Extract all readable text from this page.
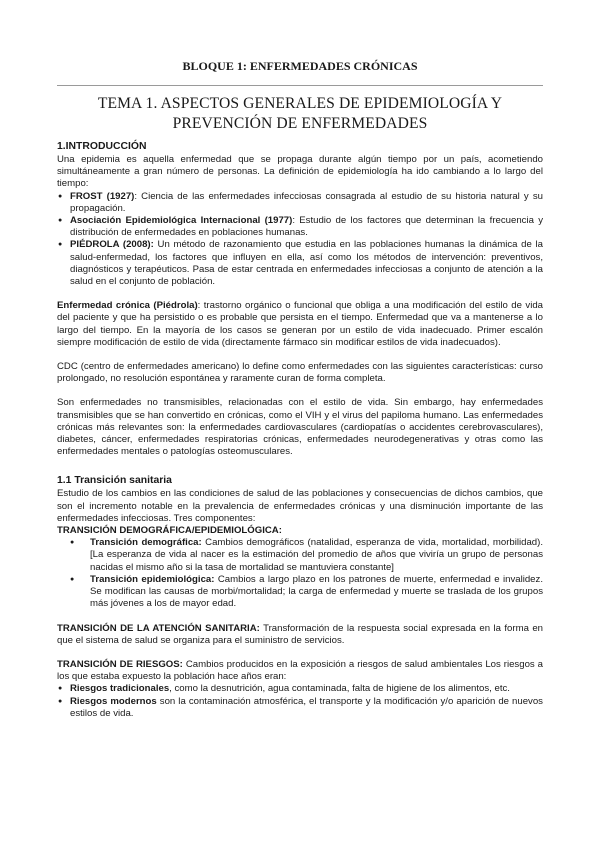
BLOQUE 1: ENFERMEDADES CRÓNICAS
TEMA 1. ASPECTOS GENERALES DE EPIDEMIOLOGÍA Y
PREVENCIÓN DE ENFERMEDADES
1.INTRODUCCIÓN

Una epidemia es aquella enfermedad que se propaga durante algún tiempo por un país, acometiendo simultáneamente a gran número de personas. La definición de epidemiología ha ido cambiando a lo largo del tiempo:

● FROST (1927): Ciencia de las enfermedades infecciosas consagrada al estudio de su historia natural y su propagación.
● Asociación Epidemiológica Internacional (1977): Estudio de los factores que determinan la frecuencia y distribución de enfermedades en poblaciones humanas.
● PIÉDROLA (2008): Un método de razonamiento que estudia en las poblaciones humanas la dinámica de la salud-enfermedad, los factores que influyen en ella, así como los métodos de intervención: preventivos, diagnósticos y terapéuticos. Pasa de estar centrada en enfermedades infecciosas a conjunto de atención a la salud en el conjunto de población.

Enfermedad crónica (Piédrola): trastorno orgánico o funcional que obliga a una modificación del estilo de vida del paciente y que ha persistido o es probable que persista en el tiempo. Enfermedad que va a mantenerse a lo largo del tiempo. En la mayoría de los casos se generan por un estilo de vida inadecuado. Primer escalón siempre modificación de estilo de vida (directamente fármaco sin modificar estilos de vida inadecuados).

CDC (centro de enfermedades americano) lo define como enfermedades con las siguientes características: curso prolongado, no resolución espontánea y raramente curan de forma completa.

Son enfermedades no transmisibles, relacionadas con el estilo de vida. Sin embargo, hay enfermedades transmisibles que se han convertido en crónicas, como el VIH y el virus del papiloma humano. Las enfermedades crónicas más relevantes son: la enfermedades cardiovasculares (cardiopatías o accidentes cerebrovasculares), diabetes, cáncer, enfermedades respiratorias crónicas, enfermedades neurodegenerativas y otras como las enfermedades mentales o patologías osteomusculares.

1.1 Transición sanitaria

Estudio de los cambios en las condiciones de salud de las poblaciones y consecuencias de dichos cambios, que son el incremento notable en la prevalencia de enfermedades crónicas y una disminución importante de las enfermedades infecciosas. Tres componentes:

TRANSICIÓN DEMOGRÁFICA/EPIDEMIOLÓGICA:
● Transición demográfica: Cambios demográficos (natalidad, esperanza de vida, mortalidad, morbilidad). [La esperanza de vida al nacer es la estimación del promedio de años que viviría un grupo de personas nacidas el mismo año si la tasa de mortalidad se mantuviera constante]
● Transición epidemiológica: Cambios a largo plazo en los patrones de muerte, enfermedad e invalidez. Se modifican las causas de morbi/mortalidad; la carga de enfermedad y muerte se traslada de los grupos más jóvenes a los de mayor edad.

TRANSICIÓN DE LA ATENCIÓN SANITARIA: Transformación de la respuesta social expresada en la forma en que el sistema de salud se organiza para el suministro de servicios.

TRANSICIÓN DE RIESGOS: Cambios producidos en la exposición a riesgos de salud ambientales Los riesgos a los que estaba expuesto la población hace años eran:

● Riesgos tradicionales, como la desnutrición, agua contaminada, falta de higiene de los alimentos, etc.
● Riesgos modernos son la contaminación atmosférica, el transporte y la modificación y/o aparición de nuevos estilos de vida.
